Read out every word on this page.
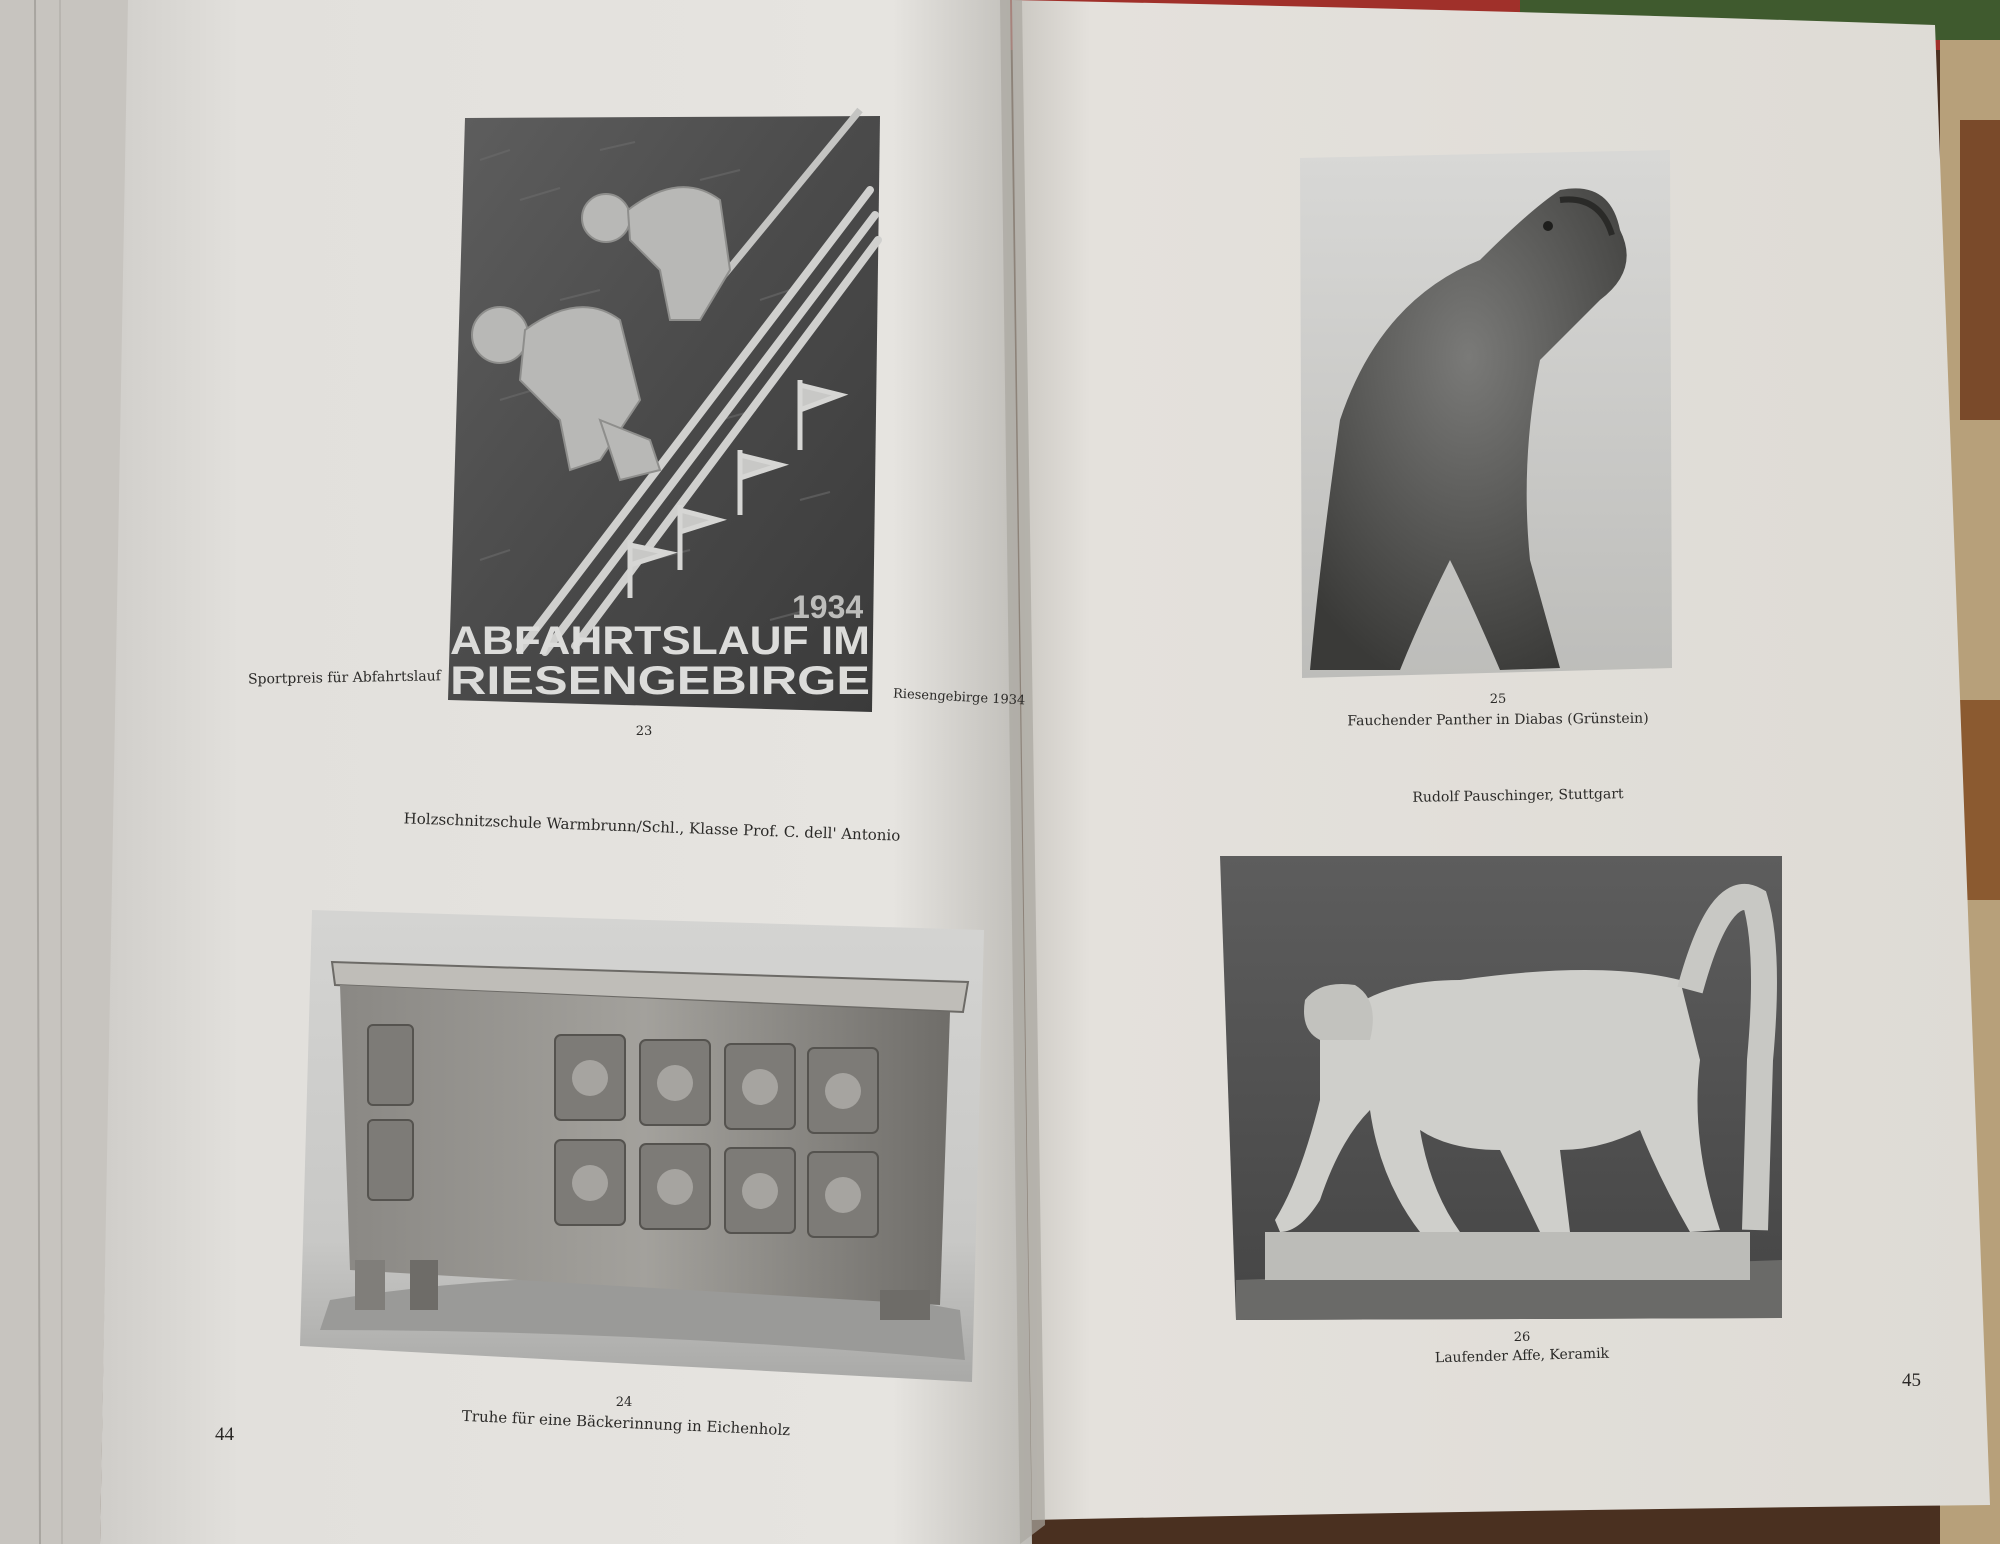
1934
ABFAHRTSLAUF IM
RIESENGEBIRGE
Sportpreis für Abfahrtslauf
Riesengebirge 1934
23
Holzschnitzschule Warmbrunn/Schl., Klasse Prof. C. dell' Antonio
24
Truhe für eine Bäckerinnung in Eichenholz
44
25
Fauchender Panther in Diabas (Grünstein)
Rudolf Pauschinger, Stuttgart
26
Laufender Affe, Keramik
45
